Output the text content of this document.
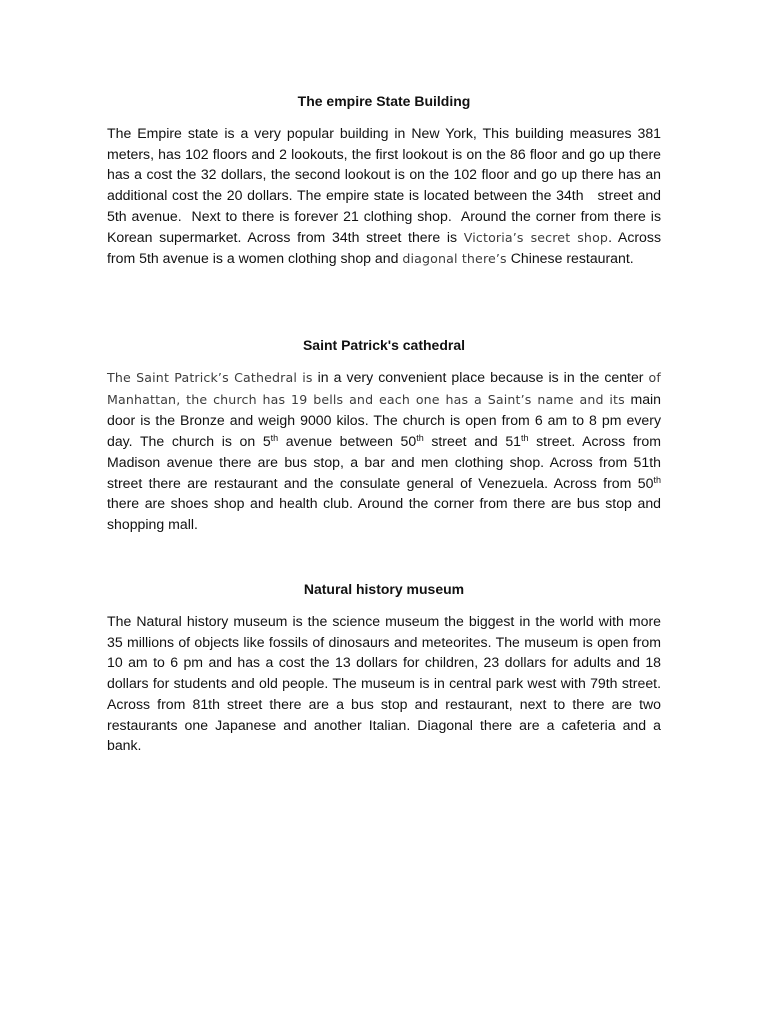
The empire State Building

The Empire state is a very popular building in New York, This building measures 381 meters, has 102 floors and 2 lookouts, the first lookout is on the 86 floor and go up there has a cost the 32 dollars, the second lookout is on the 102 floor and go up there has an additional cost the 20 dollars. The empire state is located between the 34th   street and 5th avenue.  Next to there is forever 21 clothing shop.  Around the corner from there is Korean supermarket. Across from 34th street there is Victoria’s secret shop. Across from 5th avenue is a women clothing shop and diagonal there’s Chinese restaurant.

Saint Patrick's cathedral

The Saint Patrick’s Cathedral is in a very convenient place because is in the center of Manhattan, the church has 19 bells and each one has a Saint’s name and its main door is the Bronze and weigh 9000 kilos. The church is open from 6 am to 8 pm every day. The church is on 5th avenue between 50th street and 51th street. Across from Madison avenue there are bus stop, a bar and men clothing shop. Across from 51th street there are restaurant and the consulate general of Venezuela. Across from 50th there are shoes shop and health club. Around the corner from there are bus stop and shopping mall.

Natural history museum

The Natural history museum is the science museum the biggest in the world with more 35 millions of objects like fossils of dinosaurs and meteorites. The museum is open from 10 am to 6 pm and has a cost the 13 dollars for children, 23 dollars for adults and 18 dollars for students and old people. The museum is in central park west with 79th street. Across from 81th street there are a bus stop and restaurant, next to there are two restaurants one Japanese and another Italian. Diagonal there are a cafeteria and a bank.
